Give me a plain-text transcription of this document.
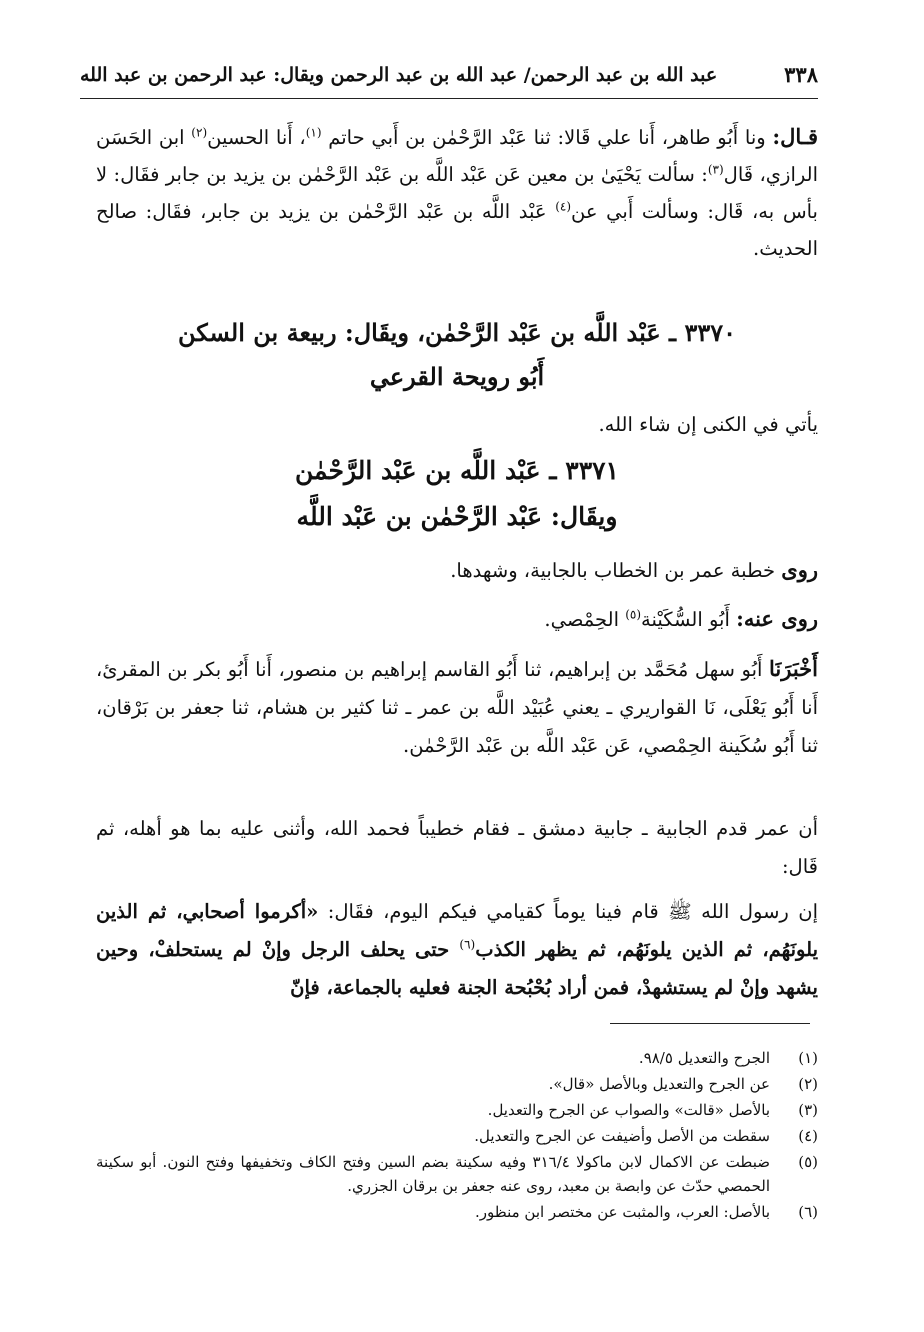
٣٣٨
عبد الله بن عبد الرحمن/ عبد الله بن عبد الرحمن ويقال: عبد الرحمن بن عبد الله
قـال: ونا أَبُو طاهر، أَنا علي قَالا: ثنا عَبْد الرَّحْمٰن بن أَبي حاتم $^{(١)}$، أَنا الحسين$^{(٢)}$ ابن الحَسَن الرازي، قَال$^{(٣)}$: سألت يَحْيَىٰ بن معين عَن عَبْد اللَّه بن عَبْد الرَّحْمٰن بن يزيد بن جابر فقَال: لا بأس به، قَال: وسألت أَبي عن$^{(٤)}$ عَبْد اللَّه بن عَبْد الرَّحْمٰن بن يزيد بن جابر، فقَال: صالح الحديث.
٣٣٧٠ ـ عَبْد اللَّه بن عَبْد الرَّحْمٰن، ويقَال: ربيعة بن السكن
أَبُو رويحة القرعي
يأتي في الكنى إن شاء الله.
٣٣٧١ ـ عَبْد اللَّه بن عَبْد الرَّحْمٰن
ويقَال: عَبْد الرَّحْمٰن بن عَبْد اللَّه
روى خطبة عمر بن الخطاب بالجابية، وشهدها.
روى عنه: أَبُو السُّكَيْنة$^{(٥)}$ الحِمْصي.
أَخْبَرَنَا أَبُو سهل مُحَمَّد بن إبراهيم، ثنا أَبُو القاسم إبراهيم بن منصور، أَنا أَبُو بكر بن المقرئ، أَنا أَبُو يَعْلَى، نَا القواريري ـ يعني عُبَيْد اللَّه بن عمر ـ ثنا كثير بن هشام، ثنا جعفر بن بَرْقان، ثنا أَبُو سُكَينة الحِمْصي، عَن عَبْد اللَّه بن عَبْد الرَّحْمٰن.
أن عمر قدم الجابية ـ جابية دمشق ـ فقام خطيباً فحمد الله، وأثنى عليه بما هو أهله، ثم قَال:
إن رسول الله ﷺ قام فينا يوماً كقيامي فيكم اليوم، فقَال: «أكرموا أصحابي، ثم الذين يلونَهُم، ثم الذين يلونَهُم، ثم يظهر الكذب$^{(٦)}$ حتى يحلف الرجل وإنْ لم يستحلفْ، وحين يشهد وإنْ لم يستشهدْ، فمن أراد بُحْبُحة الجنة فعليه بالجماعة، فإنّ
(١)
الجرح والتعديل ٩٨/٥.
(٢)
عن الجرح والتعديل وبالأصل «قال».
(٣)
بالأصل «قالت» والصواب عن الجرح والتعديل.
(٤)
سقطت من الأصل وأضيفت عن الجرح والتعديل.
(٥)
ضبطت عن الاكمال لابن ماكولا ٣١٦/٤ وفيه سكينة بضم السين وفتح الكاف وتخفيفها وفتح النون. أبو سكينة الحمصي حدّث عن وابصة بن معبد، روى عنه جعفر بن برقان الجزري.
(٦)
بالأصل: العرب، والمثبت عن مختصر ابن منظور.
